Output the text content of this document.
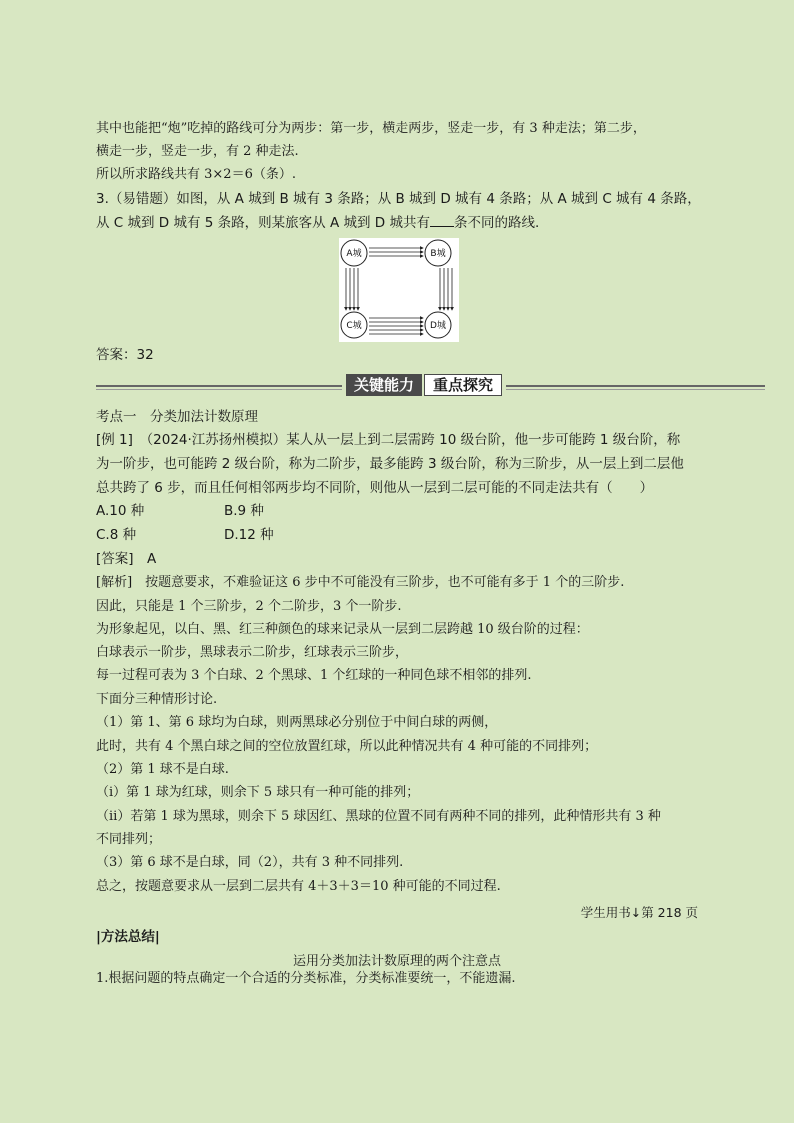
其中也能把“炮”吃掉的路线可分为两步：第一步，横走两步，竖走一步，有 3 种走法；第二步，
横走一步，竖走一步，有 2 种走法.
所以所求路线共有 3×2＝6（条）.
3.（易错题）如图，从 A 城到 B 城有 3 条路；从 B 城到 D 城有 4 条路；从 A 城到 C 城有 4 条路，
从 C 城到 D 城有 5 条路，则某旅客从 A 城到 D 城共有 条不同的路线.
A城	B城
C城	D城
答案：32
关键能力	重点探究
考点一　分类加法计数原理
[例 1]　（2024·江苏扬州模拟）某人从一层上到二层需跨 10 级台阶，他一步可能跨 1 级台阶，称
为一阶步，也可能跨 2 级台阶，称为二阶步，最多能跨 3 级台阶，称为三阶步，从一层上到二层他
总共跨了 6 步，而且任何相邻两步均不同阶，则他从一层到二层可能的不同走法共有（　　）
A.10 种	B.9 种
C.8 种	D.12 种
[答案]　A
[解析]　按题意要求，不难验证这 6 步中不可能没有三阶步，也不可能有多于 1 个的三阶步.
因此，只能是 1 个三阶步，2 个二阶步，3 个一阶步.
为形象起见，以白、黑、红三种颜色的球来记录从一层到二层跨越 10 级台阶的过程：
白球表示一阶步，黑球表示二阶步，红球表示三阶步，
每一过程可表为 3 个白球、2 个黑球、1 个红球的一种同色球不相邻的排列.
下面分三种情形讨论.
（1）第 1、第 6 球均为白球，则两黑球必分别位于中间白球的两侧，
此时，共有 4 个黑白球之间的空位放置红球，所以此种情况共有 4 种可能的不同排列；
（2）第 1 球不是白球.
（ⅰ）第 1 球为红球，则余下 5 球只有一种可能的排列；
（ⅱ）若第 1 球为黑球，则余下 5 球因红、黑球的位置不同有两种不同的排列，此种情形共有 3 种
不同排列；
（3）第 6 球不是白球，同（2），共有 3 种不同排列.
总之，按题意要求从一层到二层共有 4＋3＋3＝10 种可能的不同过程.
学生用书↓第 218 页
|方法总结|
运用分类加法计数原理的两个注意点
1.根据问题的特点确定一个合适的分类标准，分类标准要统一，不能遗漏.
